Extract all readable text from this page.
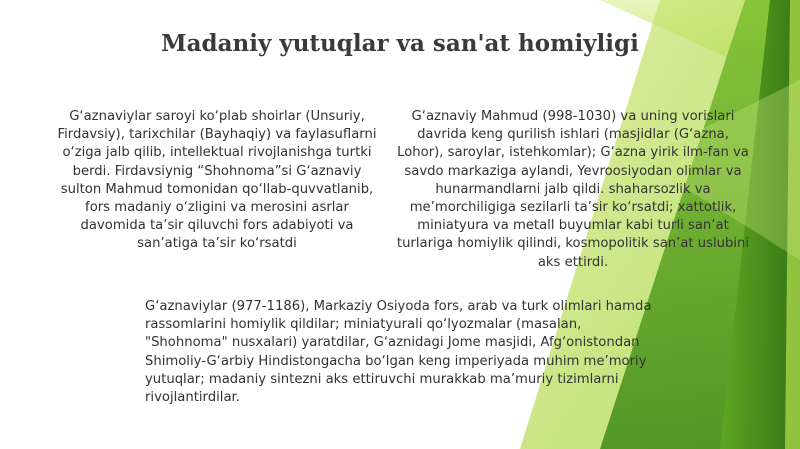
Madaniy yutuqlar va san'at homiyligi

G‘aznaviylar saroyi ko‘plab shoirlar (Unsuriy, Firdavsiy), tarixchilar (Bayhaqiy) va faylasuflarni o‘ziga jalb qilib, intellektual rivojlanishga turtki berdi. Firdavsiynig “Shohnoma”si G‘aznaviy sulton Mahmud tomonidan qo‘llab-quvvatlanib, fors madaniy o‘zligini va merosini asrlar davomida ta’sir qiluvchi fors adabiyoti va san’atiga ta’sir ko‘rsatdi

G‘aznaviy Mahmud (998-1030) va uning vorislari davrida keng qurilish ishlari (masjidlar (G‘azna, Lohor), saroylar, istehkomlar); G‘azna yirik ilm-fan va savdo markaziga aylandi, Yevroosiyodan olimlar va hunarmandlarni jalb qildi. shaharsozlik va me’morchiligiga sezilarli ta’sir ko‘rsatdi; xattotlik, miniatyura va metall buyumlar kabi turli san’at turlariga homiylik qilindi, kosmopolitik san’at uslubini aks ettirdi.

G‘aznaviylar (977-1186), Markaziy Osiyoda fors, arab va turk olimlari hamda rassomlarini homiylik qildilar; miniatyurali qo‘lyozmalar (masalan, "Shohnoma" nusxalari) yaratdilar, G‘aznidagi Jome masjidi, Afg‘onistondan Shimoliy-G‘arbiy Hindistongacha bo‘lgan keng imperiyada muhim me’moriy yutuqlar; madaniy sintezni aks ettiruvchi murakkab ma’muriy tizimlarni rivojlantirdilar.
